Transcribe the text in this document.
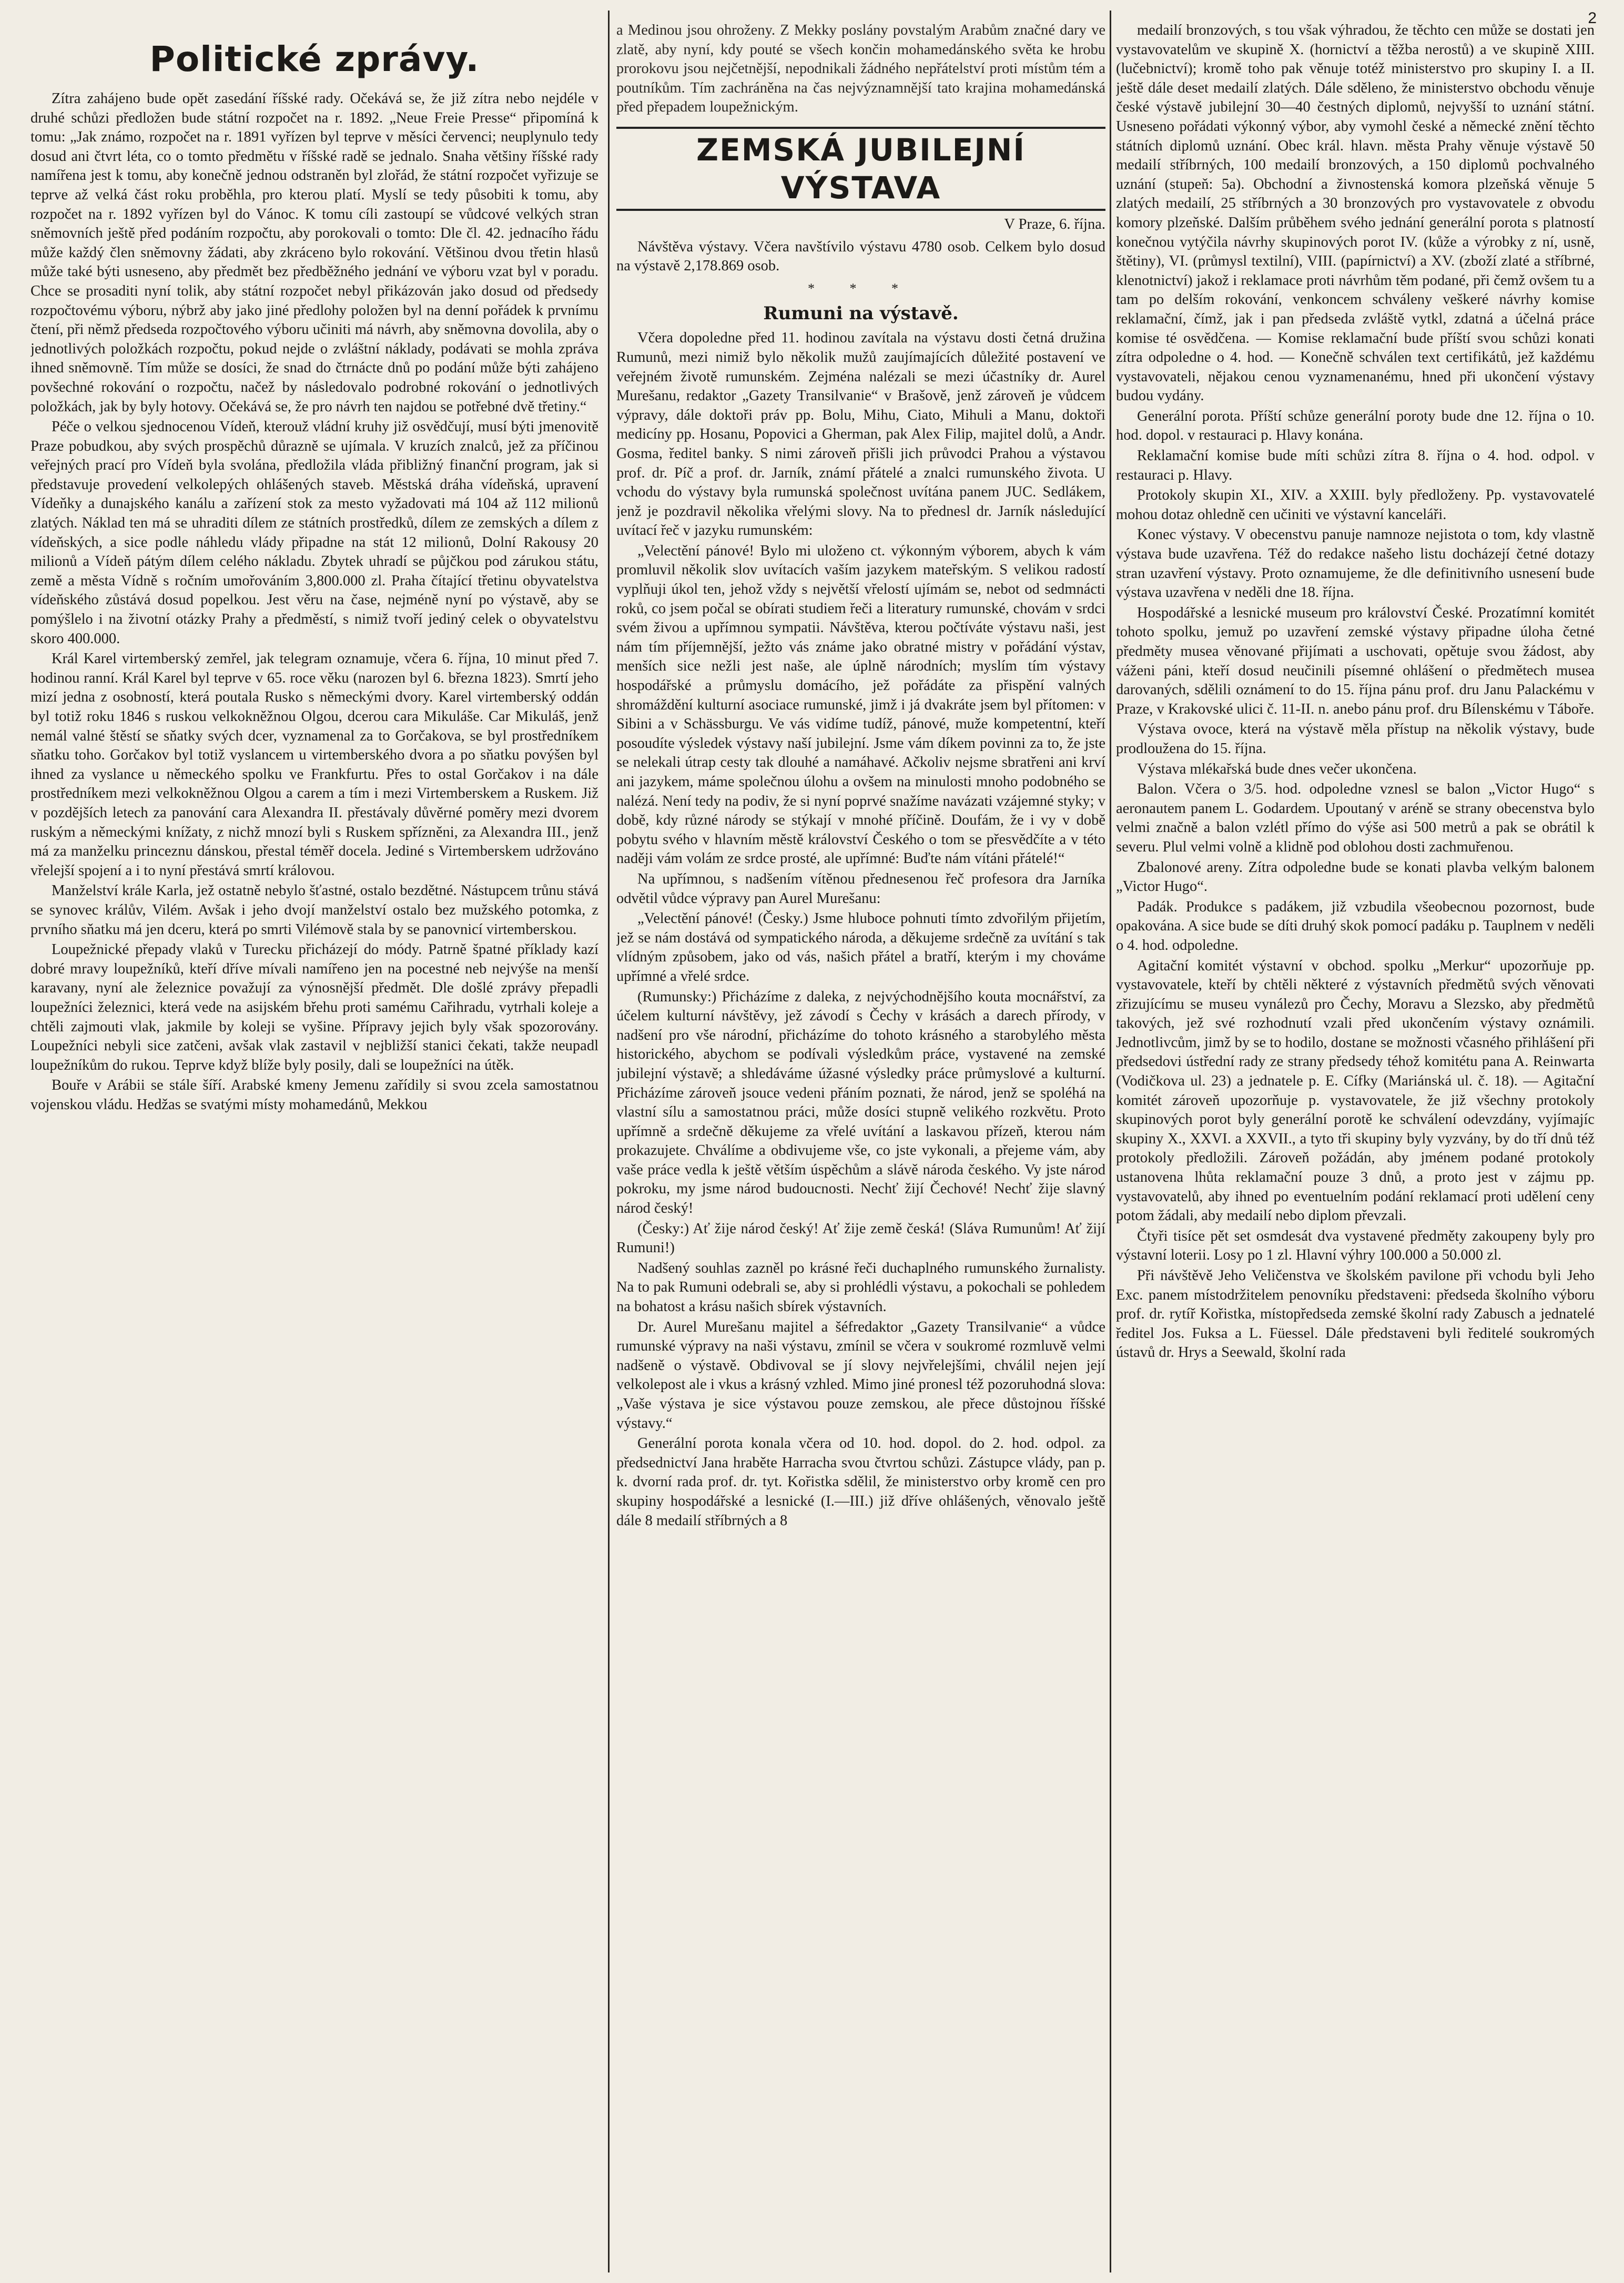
2
Politické zprávy.
Zítra zahájeno bude opět zasedání říšské rady. Očekává se, že již zítra nebo nejdéle v druhé schůzi předložen bude státní rozpočet na r. 1892. „Neue Freie Presse“ připomíná k tomu: „Jak známo, rozpočet na r. 1891 vyřízen byl teprve v měsíci červenci; neuplynulo tedy dosud ani čtvrt léta, co o tomto předmětu v říšské radě se jednalo. Snaha většiny říšské rady namířena jest k tomu, aby konečně jednou odstraněn byl zlořád, že státní rozpočet vyřizuje se teprve až velká část roku proběhla, pro kterou platí. Myslí se tedy působiti k tomu, aby rozpočet na r. 1892 vyřízen byl do Vánoc. K tomu cíli zastoupí se vůdcové velkých stran sněmovních ještě před podáním rozpočtu, aby porokovali o tomto: Dle čl. 42. jednacího řádu může každý člen sněmovny žádati, aby zkráceno bylo rokování. Většinou dvou třetin hlasů může také býti usneseno, aby předmět bez předběžného jednání ve výboru vzat byl v poradu. Chce se prosaditi nyní tolik, aby státní rozpočet nebyl přikázován jako dosud od předsedy rozpočtovému výboru, nýbrž aby jako jiné předlohy položen byl na denní pořádek k prvnímu čtení, při němž předseda rozpočtového výboru učiniti má návrh, aby sněmovna dovolila, aby o jednotlivých položkách rozpočtu, pokud nejde o zvláštní náklady, podávati se mohla zpráva ihned sněmovně. Tím může se dosíci, že snad do čtrnácte dnů po podání může býti zahájeno povšechné rokování o rozpočtu, načež by následovalo podrobné rokování o jednotlivých položkách, jak by byly hotovy. Očekává se, že pro návrh ten najdou se potřebné dvě třetiny.“
Péče o velkou sjednocenou Vídeň, kterouž vládní kruhy již osvědčují, musí býti jmenovitě Praze pobudkou, aby svých prospěchů důrazně se ujímala. V kruzích znalců, jež za příčinou veřejných prací pro Vídeň byla svolána, předložila vláda přibližný finanční program, jak si představuje provedení velkolepých ohlášených staveb. Městská dráha vídeňská, upravení Vídeňky a dunajského kanálu a zařízení stok za mesto vyžadovati má 104 až 112 milionů zlatých. Náklad ten má se uhraditi dílem ze státních prostředků, dílem ze zemských a dílem z vídeňských, a sice podle náhledu vlády připadne na stát 12 milionů, Dolní Rakousy 20 milionů a Vídeň pátým dílem celého nákladu. Zbytek uhradí se půjčkou pod zárukou státu, země a města Vídně s ročním umořováním 3,800.000 zl. Praha čítající třetinu obyvatelstva vídeňského zůstává dosud popelkou. Jest věru na čase, nejméně nyní po výstavě, aby se pomýšlelo i na životní otázky Prahy a předměstí, s nimiž tvoří jediný celek o obyvatelstvu skoro 400.000.
Král Karel virtemberský zemřel, jak telegram oznamuje, včera 6. října, 10 minut před 7. hodinou ranní. Král Karel byl teprve v 65. roce věku (narozen byl 6. března 1823). Smrtí jeho mizí jedna z osobností, která poutala Rusko s německými dvory. Karel virtemberský oddán byl totiž roku 1846 s ruskou velkokněžnou Olgou, dcerou cara Mikuláše. Car Mikuláš, jenž nemál valné štěstí se sňatky svých dcer, vyznamenal za to Gorčakova, se byl prostředníkem sňatku toho. Gorčakov byl totiž vyslancem u virtemberského dvora a po sňatku povýšen byl ihned za vyslance u německého spolku ve Frankfurtu. Přes to ostal Gorčakov i na dále prostředníkem mezi velkokněžnou Olgou a carem a tím i mezi Virtemberskem a Ruskem. Již v pozdějších letech za panování cara Alexandra II. přestávaly důvěrné poměry mezi dvorem ruským a německými knížaty, z nichž mnozí byli s Ruskem spřízněni, za Alexandra III., jenž má za manželku princeznu dánskou, přestal téměř docela. Jediné s Virtemberskem udržováno vřelejší spojení a i to nyní přestává smrtí královou.
Manželství krále Karla, jež ostatně nebylo šťastné, ostalo bezdětné. Nástupcem trůnu stává se synovec králův, Vilém. Avšak i jeho dvojí manželství ostalo bez mužského potomka, z prvního sňatku má jen dceru, která po smrti Vilémově stala by se panovnicí virtemberskou.
Loupežnické přepady vlaků v Turecku přicházejí do módy. Patrně špatné příklady kazí dobré mravy loupežníků, kteří dříve mívali namířeno jen na pocestné neb nejvýše na menší karavany, nyní ale železnice považují za výnosnější předmět. Dle došlé zprávy přepadli loupežníci železnici, která vede na asijském břehu proti samému Cařihradu, vytrhali koleje a chtěli zajmouti vlak, jakmile by koleji se vyšine. Přípravy jejich byly však spozorovány. Loupežníci nebyli sice zatčeni, avšak vlak zastavil v nejbližší stanici čekati, takže neupadl loupežníkům do rukou. Teprve když blíže byly posily, dali se loupežníci na útěk.
Bouře v Arábii se stále šíří. Arabské kmeny Jemenu zařídily si svou zcela samostatnou vojenskou vládu. Hedžas se svatými místy mohamedánů, Mekkou
a Medinou jsou ohroženy. Z Mekky poslány povstalým Arabům značné dary ve zlatě, aby nyní, kdy pouté se všech končin mohamedánského světa ke hrobu prorokovu jsou nejčetnější, nepodnikali žádného nepřátelství proti místům tém a poutníkům. Tím zachráněna na čas nejvýznamnější tato krajina mohamedánská před přepadem loupežnickým.
ZEMSKÁ JUBILEJNÍ VÝSTAVA
V Praze, 6. října.
Návštěva výstavy. Včera navštívilo výstavu 4780 osob. Celkem bylo dosud na výstavě 2,178.869 osob.
* * *
Rumuni na výstavě.
Včera dopoledne před 11. hodinou zavítala na výstavu dosti četná družina Rumunů, mezi nimiž bylo několik mužů zaujímajících důležité postavení ve veřejném životě rumunském. Zejména nalézali se mezi účastníky dr. Aurel Murešanu, redaktor „Gazety Transilvanie“ v Brašově, jenž zároveň je vůdcem výpravy, dále doktoři práv pp. Bolu, Mihu, Ciato, Mihuli a Manu, doktoři medicíny pp. Hosanu, Popovici a Gherman, pak Alex Filip, majitel dolů, a Andr. Gosma, ředitel banky. S nimi zároveň přišli jich průvodci Prahou a výstavou prof. dr. Píč a prof. dr. Jarník, známí přátelé a znalci rumunského života. U vchodu do výstavy byla rumunská společnost uvítána panem JUC. Sedlákem, jenž je pozdravil několika vřelými slovy. Na to přednesl dr. Jarník následující uvítací řeč v jazyku rumunském:
„Velectění pánové! Bylo mi uloženo ct. výkonným výborem, abych k vám promluvil několik slov uvítacích vaším jazykem mateřským. S velikou radostí vyplňuji úkol ten, jehož vždy s největší vřelostí ujímám se, nebot od sedmnácti roků, co jsem počal se obírati studiem řeči a literatury rumunské, chovám v srdci svém živou a upřímnou sympatii. Návštěva, kterou počtíváte výstavu naši, jest nám tím příjemnější, ježto vás známe jako obratné mistry v pořádání výstav, menších sice nežli jest naše, ale úplně národních; myslím tím výstavy hospodářské a průmyslu domácího, jež pořádáte za přispění valných shromáždění kulturní asociace rumunské, jimž i já dvakráte jsem byl přítomen: v Sibini a v Schässburgu. Ve vás vidíme tudíž, pánové, muže kompetentní, kteří posoudíte výsledek výstavy naší jubilejní. Jsme vám díkem povinni za to, že jste se nelekali útrap cesty tak dlouhé a namáhavé. Ačkoliv nejsme sbratřeni ani krví ani jazykem, máme společnou úlohu a ovšem na minulosti mnoho podobného se nalézá. Není tedy na podiv, že si nyní poprvé snažíme navázati vzájemné styky; v době, kdy různé národy se stýkají v mnohé příčině. Doufám, že i vy v době pobytu svého v hlavním městě království Českého o tom se přesvědčíte a v této naději vám volám ze srdce prosté, ale upřímné: Buďte nám vítáni přátelé!“
Na upřímnou, s nadšením vítěnou přednesenou řeč profesora dra Jarníka odvětil vůdce výpravy pan Aurel Murešanu:
„Velectění pánové! (Česky.) Jsme hluboce pohnuti tímto zdvořilým přijetím, jež se nám dostává od sympatického národa, a děkujeme srdečně za uvítání s tak vlídným způsobem, jako od vás, našich přátel a bratří, kterým i my chováme upřímné a vřelé srdce.
(Rumunsky:) Přicházíme z daleka, z nejvýchodnějšího kouta mocnářství, za účelem kulturní návštěvy, jež závodí s Čechy v krásách a darech přírody, v nadšení pro vše národní, přicházíme do tohoto krásného a starobylého města historického, abychom se podívali výsledkům práce, vystavené na zemské jubilejní výstavě; a shledáváme úžasné výsledky práce průmyslové a kulturní. Přicházíme zároveň jsouce vedeni přáním poznati, že národ, jenž se spoléhá na vlastní sílu a samostatnou práci, může dosíci stupně velikého rozkvětu. Proto upřímně a srdečně děkujeme za vřelé uvítání a laskavou přízeň, kterou nám prokazujete. Chválíme a obdivujeme vše, co jste vykonali, a přejeme vám, aby vaše práce vedla k ještě větším úspěchům a slávě národa českého. Vy jste národ pokroku, my jsme národ budoucnosti. Nechť žijí Čechové! Nechť žije slavný národ český!
(Česky:) Ať žije národ český! Ať žije země česká! (Sláva Rumunům! Ať žijí Rumuni!)
Nadšený souhlas zazněl po krásné řeči duchaplného rumunského žurnalisty. Na to pak Rumuni odebrali se, aby si prohlédli výstavu, a pokochali se pohledem na bohatost a krásu našich sbírek výstavních.
Dr. Aurel Murešanu majitel a šéfredaktor „Gazety Transilvanie“ a vůdce rumunské výpravy na naši výstavu, zmínil se včera v soukromé rozmluvě velmi nadšeně o výstavě. Obdivoval se jí slovy nejvřelejšími, chválil nejen její velkolepost ale i vkus a krásný vzhled. Mimo jiné pronesl též pozoruhodná slova: „Vaše výstava je sice výstavou pouze zemskou, ale přece důstojnou říšské výstavy.“
Generální porota konala včera od 10. hod. dopol. do 2. hod. odpol. za předsednictví Jana hraběte Harracha svou čtvrtou schůzi. Zástupce vlády, pan p. k. dvorní rada prof. dr. tyt. Kořistka sdělil, že ministerstvo orby kromě cen pro skupiny hospodářské a lesnické (I.—III.) již dříve ohlášených, věnovalo ještě dále 8 medailí stříbrných a 8
medailí bronzových, s tou však výhradou, že těchto cen může se dostati jen vystavovatelům ve skupině X. (hornictví a těžba nerostů) a ve skupině XIII. (lučebnictví); kromě toho pak věnuje totéž ministerstvo pro skupiny I. a II. ještě dále deset medailí zlatých. Dále sděleno, že ministerstvo obchodu věnuje české výstavě jubilejní 30—40 čestných diplomů, nejvyšší to uznání státní. Usneseno pořádati výkonný výbor, aby vymohl české a německé znění těchto státních diplomů uznání. Obec král. hlavn. města Prahy věnuje výstavě 50 medailí stříbrných, 100 medailí bronzových, a 150 diplomů pochvalného uznání (stupeň: 5a). Obchodní a živnostenská komora plzeňská věnuje 5 zlatých medailí, 25 stříbrných a 30 bronzových pro vystavovatele z obvodu komory plzeňské. Dalším průběhem svého jednání generální porota s platností konečnou vytýčila návrhy skupinových porot IV. (kůže a výrobky z ní, usně, štětiny), VI. (průmysl textilní), VIII. (papírnictví) a XV. (zboží zlaté a stříbrné, klenotnictví) jakož i reklamace proti návrhům těm podané, při čemž ovšem tu a tam po delším rokování, venkoncem schváleny veškeré návrhy komise reklamační, čímž, jak i pan předseda zvláště vytkl, zdatná a účelná práce komise té osvědčena. — Komise reklamační bude příští svou schůzi konati zítra odpoledne o 4. hod. — Konečně schválen text certifikátů, jež každému vystavovateli, nějakou cenou vyznamenanému, hned při ukončení výstavy budou vydány.
Generální porota. Příští schůze generální poroty bude dne 12. října o 10. hod. dopol. v restauraci p. Hlavy konána.
Reklamační komise bude míti schůzi zítra 8. října o 4. hod. odpol. v restauraci p. Hlavy.
Protokoly skupin XI., XIV. a XXIII. byly předloženy. Pp. vystavovatelé mohou dotaz ohledně cen učiniti ve výstavní kanceláři.
Konec výstavy. V obecenstvu panuje namnoze nejistota o tom, kdy vlastně výstava bude uzavřena. Též do redakce našeho listu docházejí četné dotazy stran uzavření výstavy. Proto oznamujeme, že dle definitivního usnesení bude výstava uzavřena v neděli dne 18. října.
Hospodářské a lesnické museum pro království České. Prozatímní komitét tohoto spolku, jemuž po uzavření zemské výstavy připadne úloha četné předměty musea věnované přijímati a uschovati, opětuje svou žádost, aby váženi páni, kteří dosud neučinili písemné ohlášení o předmětech musea darovaných, sdělili oznámení to do 15. října pánu prof. dru Janu Palackému v Praze, v Krakovské ulici č. 11-II. n. anebo pánu prof. dru Bílenskému v Táboře.
Výstava ovoce, která na výstavě měla přístup na několik výstavy, bude prodloužena do 15. října.
Výstava mlékařská bude dnes večer ukončena.
Balon. Včera o 3/5. hod. odpoledne vznesl se balon „Victor Hugo“ s aeronautem panem L. Godardem. Upoutaný v aréně se strany obecenstva bylo velmi značně a balon vzlétl přímo do výše asi 500 metrů a pak se obrátil k severu. Plul velmi volně a klidně pod oblohou dosti zachmuřenou.
Zbalonové areny. Zítra odpoledne bude se konati plavba velkým balonem „Victor Hugo“.
Padák. Produkce s padákem, již vzbudila všeobecnou pozornost, bude opakována. A sice bude se díti druhý skok pomocí padáku p. Tauplnem v neděli o 4. hod. odpoledne.
Agitační komitét výstavní v obchod. spolku „Merkur“ upozorňuje pp. vystavovatele, kteří by chtěli některé z výstavních předmětů svých věnovati zřizujícímu se museu vynálezů pro Čechy, Moravu a Slezsko, aby předmětů takových, jež své rozhodnutí vzali před ukončením výstavy oznámili. Jednotlivcům, jimž by se to hodilo, dostane se možnosti včasného přihlášení při předsedovi ústřední rady ze strany předsedy téhož komitétu pana A. Reinwarta (Vodičkova ul. 23) a jednatele p. E. Cífky (Mariánská ul. č. 18). — Agitační komitét zároveň upozorňuje p. vystavovatele, že již všechny protokoly skupinových porot byly generální porotě ke schválení odevzdány, vyjímajíc skupiny X., XXVI. a XXVII., a tyto tři skupiny byly vyzvány, by do tří dnů též protokoly předložili. Zároveň požádán, aby jménem podané protokoly ustanovena lhůta reklamační pouze 3 dnů, a proto jest v zájmu pp. vystavovatelů, aby ihned po eventuelním podání reklamací proti udělení ceny potom žádali, aby medailí nebo diplom převzali.
Čtyři tisíce pět set osmdesát dva vystavené předměty zakoupeny byly pro výstavní loterii. Losy po 1 zl. Hlavní výhry 100.000 a 50.000 zl.
Při návštěvě Jeho Veličenstva ve školském pavilone při vchodu byli Jeho Exc. panem místodržitelem penovníku představeni: předseda školního výboru prof. dr. rytíř Kořistka, místopředseda zemské školní rady Zabusch a jednatelé ředitel Jos. Fuksa a L. Füessel. Dále představeni byli ředitelé soukromých ústavů dr. Hrys a Seewald, školní rada
